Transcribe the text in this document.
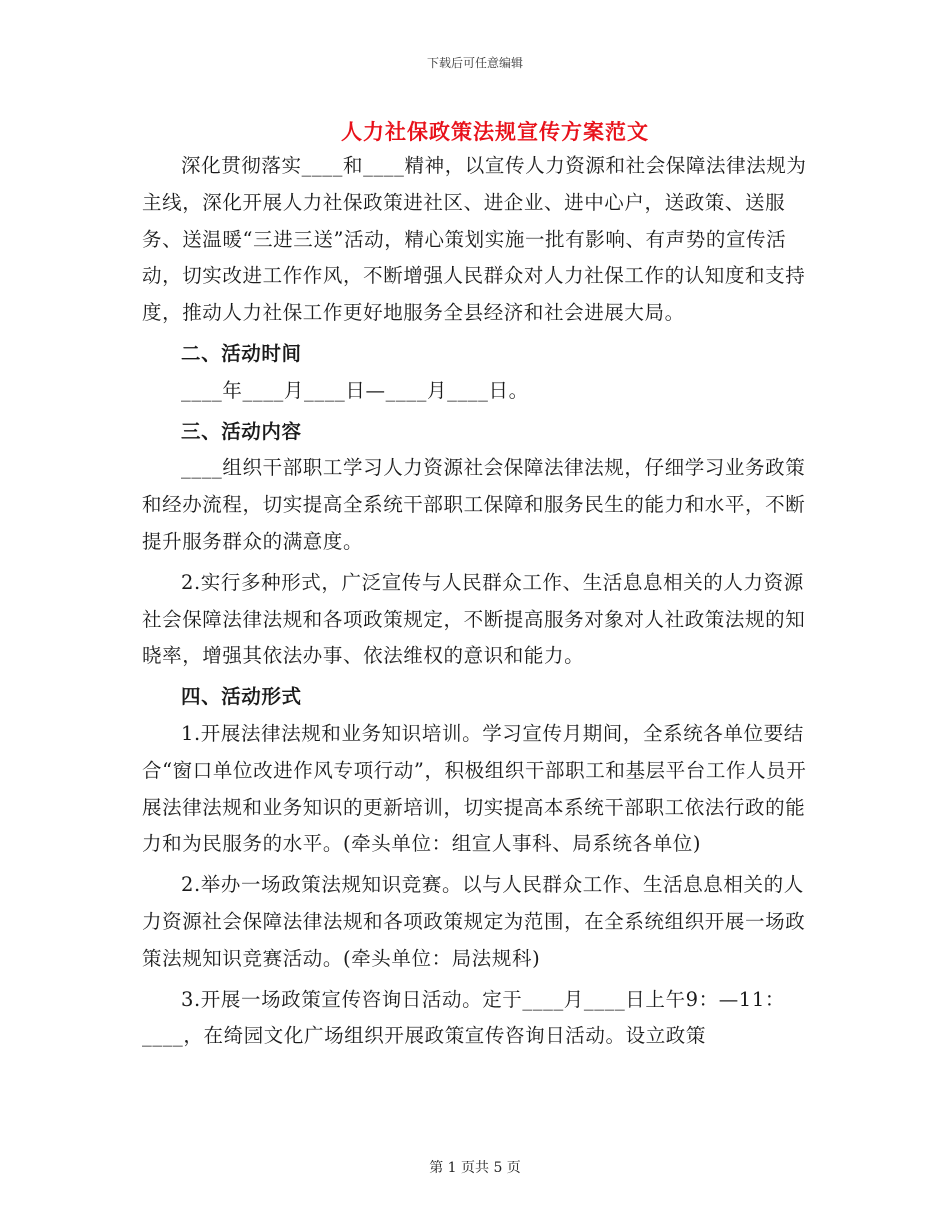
下载后可任意编辑
人力社保政策法规宣传方案范文

深化贯彻落实____和____精神，以宣传人力资源和社会保障法律法规为主线，深化开展人力社保政策进社区、进企业、进中心户，送政策、送服务、送温暖“三进三送”活动，精心策划实施一批有影响、有声势的宣传活动，切实改进工作作风，不断增强人民群众对人力社保工作的认知度和支持度，推动人力社保工作更好地服务全县经济和社会进展大局。

二、活动时间

____年____月____日—____月____日。

三、活动内容

____组织干部职工学习人力资源社会保障法律法规，仔细学习业务政策和经办流程，切实提高全系统干部职工保障和服务民生的能力和水平，不断提升服务群众的满意度。

2.实行多种形式，广泛宣传与人民群众工作、生活息息相关的人力资源社会保障法律法规和各项政策规定，不断提高服务对象对人社政策法规的知晓率，增强其依法办事、依法维权的意识和能力。

四、活动形式

1.开展法律法规和业务知识培训。学习宣传月期间，全系统各单位要结合“窗口单位改进作风专项行动”，积极组织干部职工和基层平台工作人员开展法律法规和业务知识的更新培训，切实提高本系统干部职工依法行政的能力和为民服务的水平。(牵头单位：组宣人事科、局系统各单位)

2.举办一场政策法规知识竞赛。以与人民群众工作、生活息息相关的人力资源社会保障法律法规和各项政策规定为范围，在全系统组织开展一场政策法规知识竞赛活动。(牵头单位：局法规科)

3.开展一场政策宣传咨询日活动。定于____月____日上午9：—11：____，在绮园文化广场组织开展政策宣传咨询日活动。设立政策

第 1 页共 5 页
